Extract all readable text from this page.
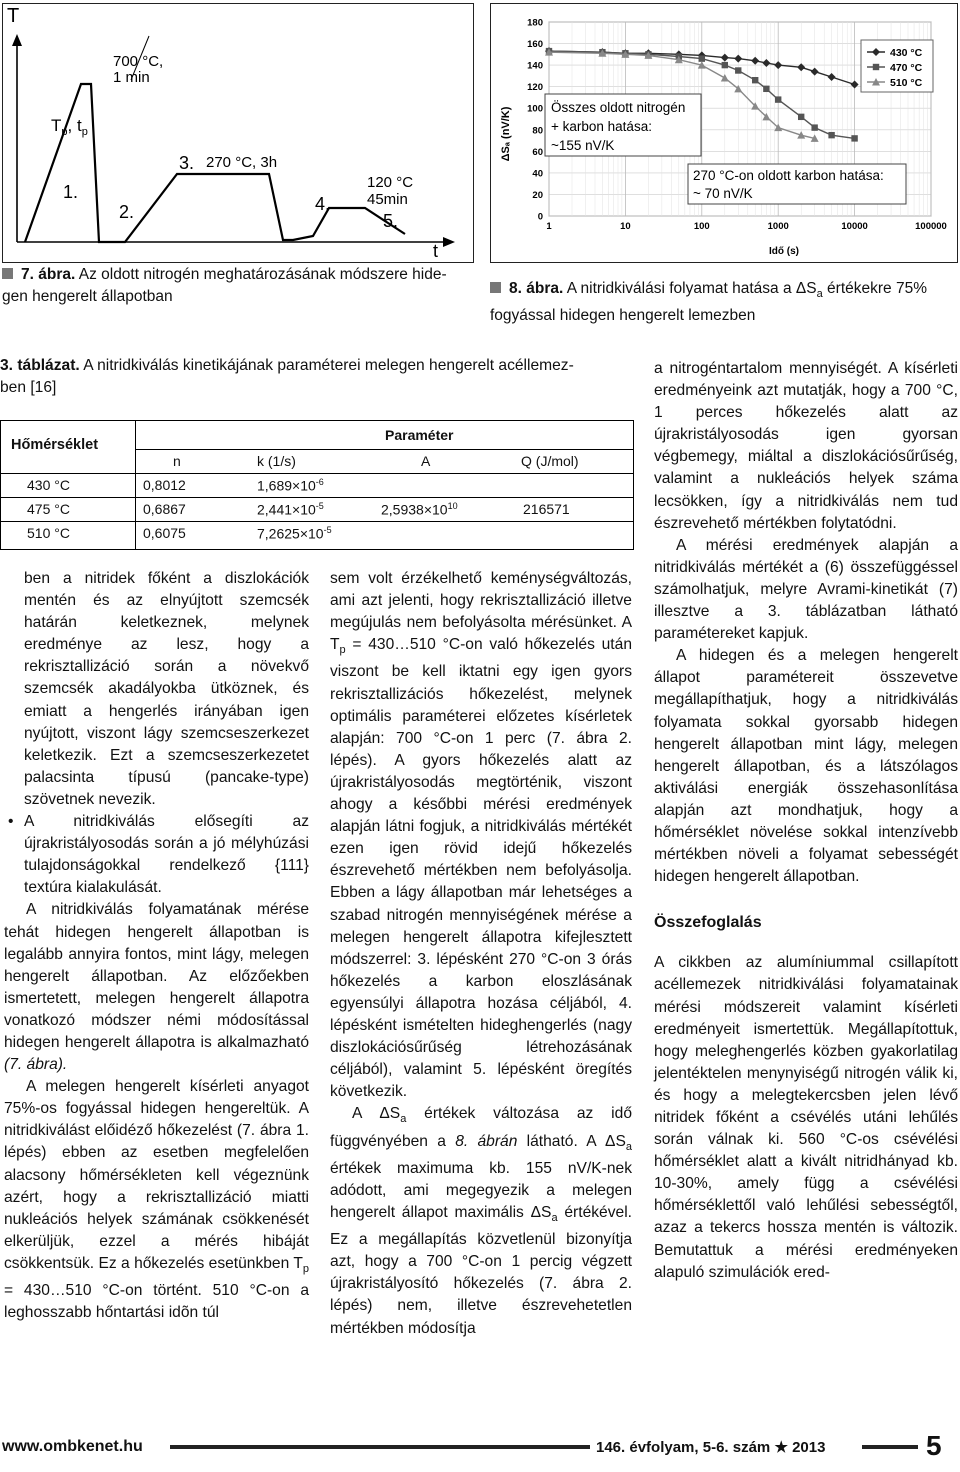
T
t
700 °C,
1 min
$T_p$, $t_p$
1.
2.
3. 270 °C, 3h
4.
5.
120 °C
45min
7. ábra. Az oldott nitrogén meghatározásának módszere hide-
gen hengerelt állapotban
ΔSₐ (nV/K)
Idő (s)
0
20
40
60
80
100
120
140
160
180
1	10	100	1000	10000	100000
430 °C
470 °C
510 °C
Összes oldott nitrogén
+ karbon hatása:
~155 nV/K
270 °C-on oldott karbon hatása:
~ 70 nV/K
8. ábra. A nitridkiválási folyamat hatása a $\Delta S_a$ értékekre 75%
fogyással hidegen hengerelt lemezben
3. táblázat. A nitridkiválás kinetikájának paraméterei melegen hengerelt acéllemez-
ben [16]
Hőmérséklet
Paraméter
n	k (1/s)	A	Q (J/mol)
430 °C	0,8012	$1,689\times 10^{-6}$
475 °C	0,6867	$2,441\times 10^{-5}$	$2,5938\times 10^{10}$	216571
510 °C	0,6075	$7,2625\times 10^{-5}$

ben a nitridek főként a diszlokációk mentén és az elnyújtott szemcsék határán keletkeznek, melynek eredménye az lesz, hogy a rekrisztallizáció során a növekvő szemcsék akadályokba ütköznek, és emiatt a hengerlés irányában igen nyújtott, viszont lágy szemcseszerkezet keletkezik. Ezt a szemcseszerkezetet palacsinta típusú (pancake-type) szövetnek nevezik.

• A nitridkiválás elősegíti az újrakristályosodás során a jó mélyhúzási tulajdonságokkal rendelkező {111} textúra kialakulását.

A nitridkiválás folyamatának mérése tehát hidegen hengerelt állapotban is legalább annyira fontos, mint lágy, melegen hengerelt állapotban. Az előzőekben ismertetett, melegen hengerelt állapotra vonatkozó módszer némi módosítással hidegen hengerelt állapotra is alkalmazható (7. ábra).

A melegen hengerelt kísérleti anyagot 75%-os fogyással hidegen hengereltük. A nitridkiválást előidéző hőkezelést (7. ábra 1. lépés) ebben az esetben megfelelően alacsony hőmérsékleten kell végeznünk azért, hogy a rekrisztallizáció miatti nukleációs helyek számának csökkenését elkerüljük, ezzel a mérés hibáját csökkentsük. Ez a hőkezelés esetünkben $T_p$ = 430…510 °C-on történt. 510 °C-on a leghosszabb hőntartási idõn túl

sem volt érzékelhető keménységváltozás, ami azt jelenti, hogy rekrisztallizáció illetve megújulás nem befolyásolta mérésünket. A $T_p$ = 430…510 °C-on való hőkezelés után viszont be kell iktatni egy igen gyors rekrisztallizációs hőkezelést, melynek optimális paraméterei előzetes kísérletek alapján: 700 °C-on 1 perc (7. ábra 2. lépés). A gyors hőkezelés alatt az újrakristályosodás megtörténik, viszont ahogy a későbbi mérési eredmények alapján látni fogjuk, a nitridkiválás mértékét ezen igen rövid idejű hőkezelés észrevehető mértékben nem befolyásolja. Ebben a lágy állapotban már lehetséges a szabad nitrogén mennyiségének mérése a melegen hengerelt állapotra kifejlesztett módszerrel: 3. lépésként 270 °C-on 3 órás hőkezelés a karbon eloszlásának egyensúlyi állapotra hozása céljából, 4. lépésként ismételten hideghengerlés (nagy diszlokációsűrűség létrehozásának céljából), valamint 5. lépésként öregítés következik.

A $\Delta S_a$ értékek változása az idő függvényében a 8. ábrán látható. A $\Delta S_a$ értékek maximuma kb. 155 nV/K-nek adódott, ami megegyezik a melegen hengerelt állapot maximális $\Delta S_a$ értékével. Ez a megállapítás közvetlenül bizonyítja azt, hogy a 700 °C-on 1 percig végzett újrakristályosító hőkezelés (7. ábra 2. lépés) nem, illetve észrevehetetlen mértékben módosítja

a nitrogéntartalom mennyiségét. A kísérleti eredményeink azt mutatják, hogy a 700 °C, 1 perces hőkezelés alatt az újrakristályosodás igen gyorsan végbemegy, miáltal a diszlokációsűrűség, valamint a nukleációs helyek száma lecsökken, így a nitridkiválás nem tud észrevehető mértékben folytatódni.

A mérési eredmények alapján a nitridkiválás mértékét a (6) összefüggéssel számolhatjuk, melyre Avrami-kinetikát (7) illesztve a 3. táblázatban látható paramétereket kapjuk.

A hidegen és a melegen hengerelt állapot paramétereit összevetve megállapíthatjuk, hogy a nitridkiválás folyamata sokkal gyorsabb hidegen hengerelt állapotban mint lágy, melegen hengerelt állapotban, és a látszólagos aktiválási energiák összehasonlítása alapján azt mondhatjuk, hogy a hőmérséklet növelése sokkal intenzívebb mértékben növeli a folyamat sebességét hidegen hengerelt állapotban.

Összefoglalás

A cikkben az alumíniummal csillapított acéllemezek nitridkiválási folyamatainak mérési módszereit valamint kísérleti eredményeit ismertettük. Megállapítottuk, hogy meleghengerlés közben gyakorlatilag jelentéktelen menynyiségű nitrogén válik ki, és hogy a melegtekercsben jelen lévő nitridek főként a csévélés utáni lehűlés során válnak ki. 560 °C-os csévélési hőmérséklet alatt a kivált nitridhányad kb. 10-30%, amely függ a csévélési hőmérséklettől való lehűlési sebességtől, azaz a tekercs hossza mentén is változik. Bemutattuk a mérési eredményeken alapuló szimulációk ered-

www.ombkenet.hu	146. évfolyam, 5-6. szám ★ 2013	5
